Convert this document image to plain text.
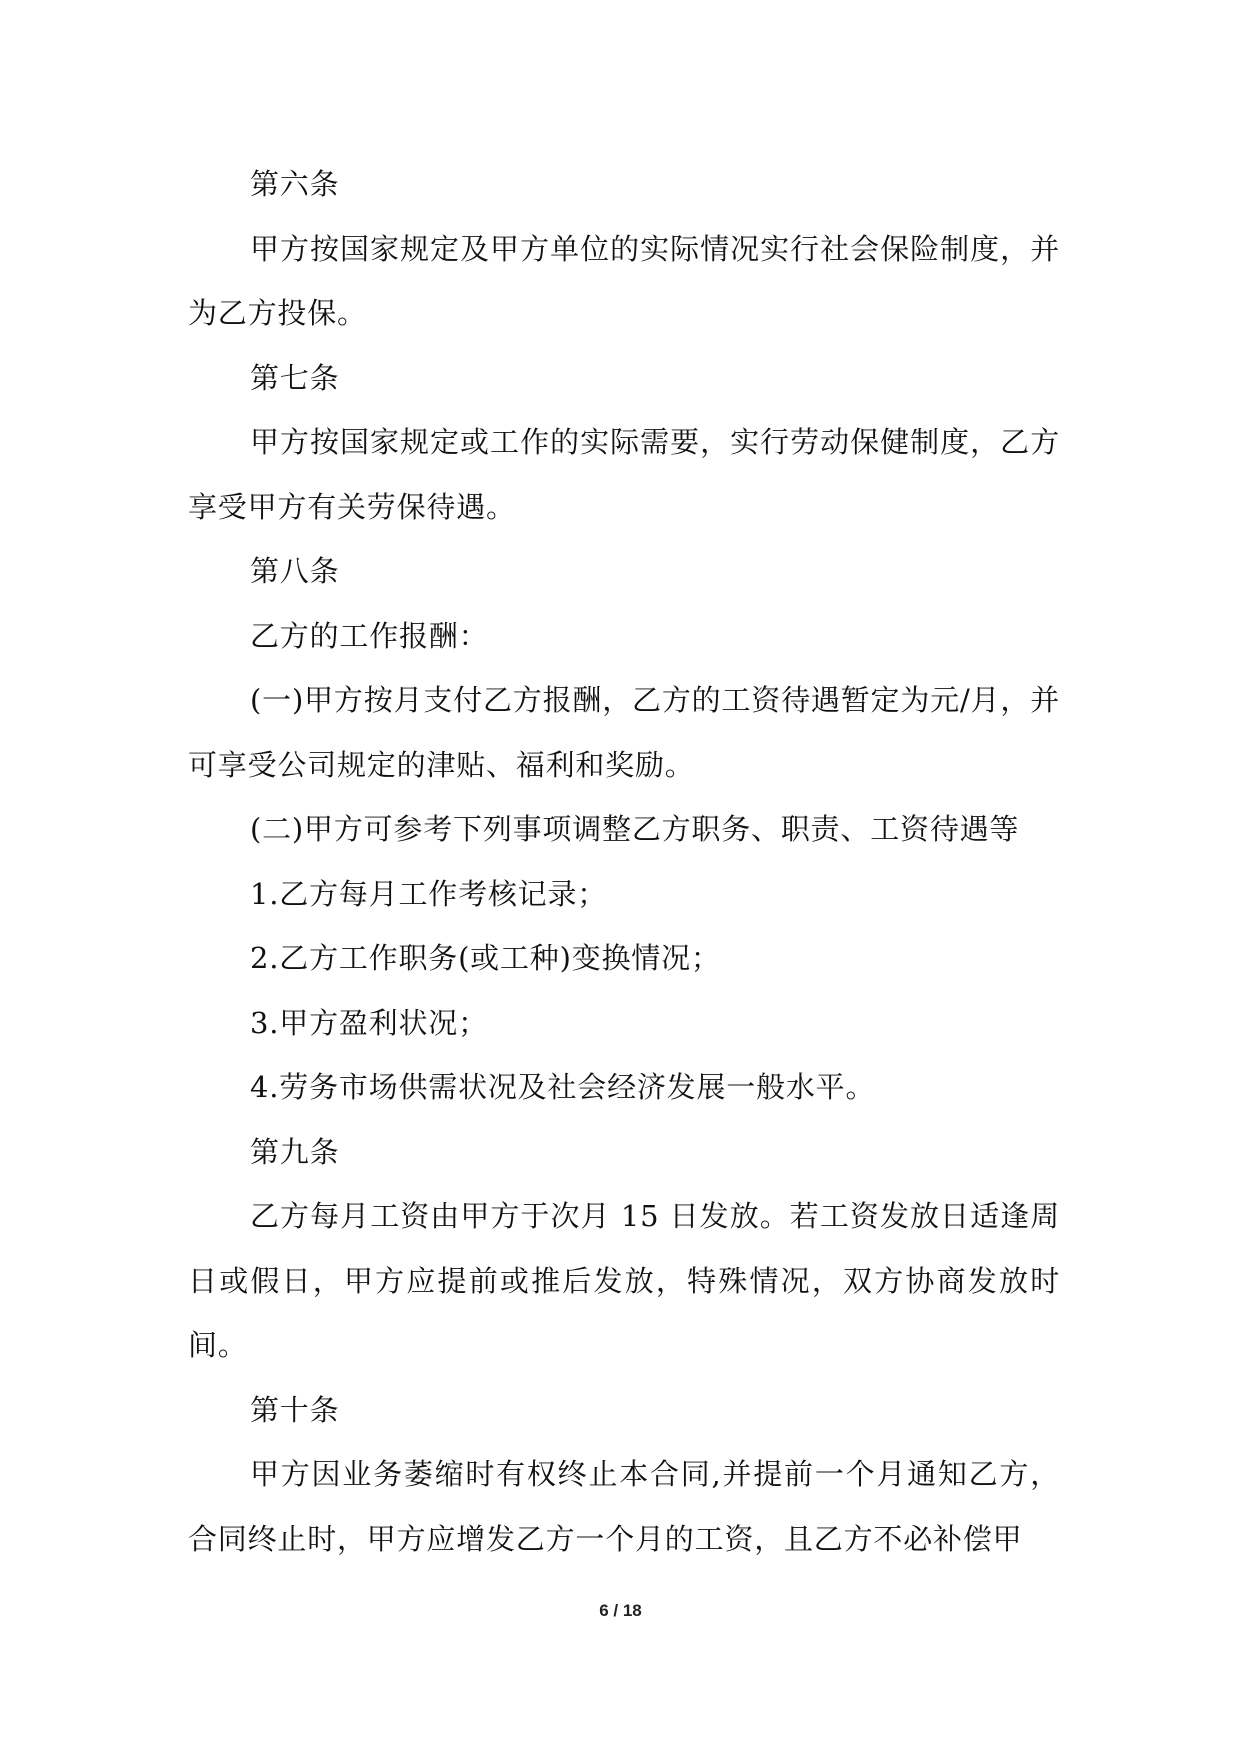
第六条

甲方按国家规定及甲方单位的实际情况实行社会保险制度，并为乙方投保。

第七条

甲方按国家规定或工作的实际需要，实行劳动保健制度，乙方享受甲方有关劳保待遇。

第八条

乙方的工作报酬：

(一)甲方按月支付乙方报酬，乙方的工资待遇暂定为元/月，并可享受公司规定的津贴、福利和奖励。

(二)甲方可参考下列事项调整乙方职务、职责、工资待遇等

1.乙方每月工作考核记录；

2.乙方工作职务(或工种)变换情况；

3.甲方盈利状况；

4.劳务市场供需状况及社会经济发展一般水平。

第九条

乙方每月工资由甲方于次月 15 日发放。若工资发放日适逢周日或假日，甲方应提前或推后发放，特殊情况，双方协商发放时间。

第十条

甲方因业务萎缩时有权终止本合同,并提前一个月通知乙方，合同终止时，甲方应增发乙方一个月的工资，且乙方不必补偿甲

6 / 18
